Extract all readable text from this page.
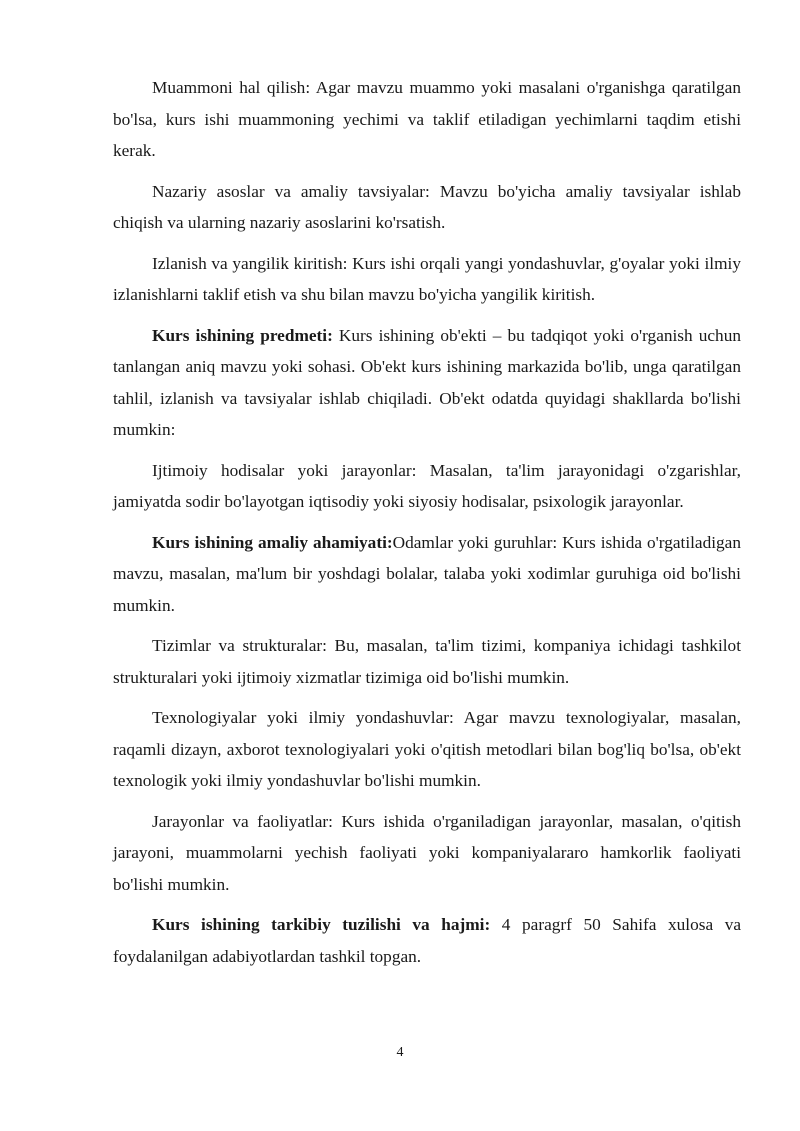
Muammoni hal qilish: Agar mavzu muammo yoki masalani o'rganishga qaratilgan bo'lsa, kurs ishi muammoning yechimi va taklif etiladigan yechimlarni taqdim etishi kerak.

Nazariy asoslar va amaliy tavsiyalar: Mavzu bo'yicha amaliy tavsiyalar ishlab chiqish va ularning nazariy asoslarini ko'rsatish.

Izlanish va yangilik kiritish: Kurs ishi orqali yangi yondashuvlar, g'oyalar yoki ilmiy izlanishlarni taklif etish va shu bilan mavzu bo'yicha yangilik kiritish.

Kurs ishining predmeti: Kurs ishining ob'ekti – bu tadqiqot yoki o'rganish uchun tanlangan aniq mavzu yoki sohasi. Ob'ekt kurs ishining markazida bo'lib, unga qaratilgan tahlil, izlanish va tavsiyalar ishlab chiqiladi. Ob'ekt odatda quyidagi shakllarda bo'lishi mumkin:

Ijtimoiy hodisalar yoki jarayonlar: Masalan, ta'lim jarayonidagi o'zgarishlar, jamiyatda sodir bo'layotgan iqtisodiy yoki siyosiy hodisalar, psixologik jarayonlar.

Kurs ishining amaliy ahamiyati:Odamlar yoki guruhlar: Kurs ishida o'rgatiladigan mavzu, masalan, ma'lum bir yoshdagi bolalar, talaba yoki xodimlar guruhiga oid bo'lishi mumkin.

Tizimlar va strukturalar: Bu, masalan, ta'lim tizimi, kompaniya ichidagi tashkilot strukturalari yoki ijtimoiy xizmatlar tizimiga oid bo'lishi mumkin.

Texnologiyalar yoki ilmiy yondashuvlar: Agar mavzu texnologiyalar, masalan, raqamli dizayn, axborot texnologiyalari yoki o'qitish metodlari bilan bog'liq bo'lsa, ob'ekt texnologik yoki ilmiy yondashuvlar bo'lishi mumkin.

Jarayonlar va faoliyatlar: Kurs ishida o'rganiladigan jarayonlar, masalan, o'qitish jarayoni, muammolarni yechish faoliyati yoki kompaniyalararo hamkorlik faoliyati bo'lishi mumkin.

Kurs ishining tarkibiy tuzilishi va hajmi: 4 paragrf 50 Sahifa xulosa va foydalanilgan adabiyotlardan tashkil topgan.

4
